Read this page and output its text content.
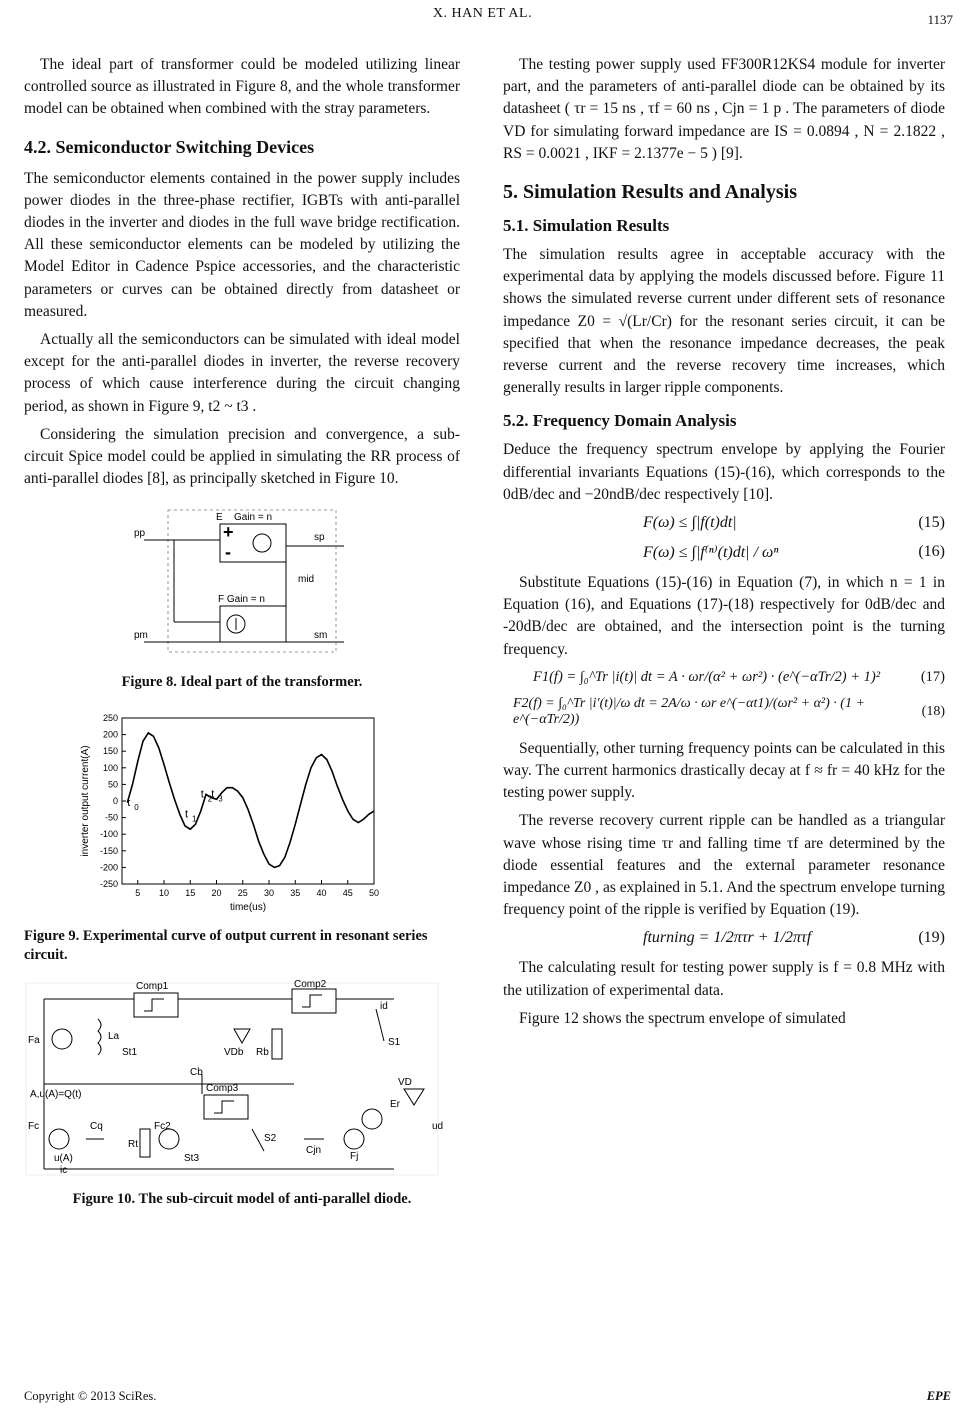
X. HAN ET AL.	1137

The ideal part of transformer could be modeled utilizing linear controlled source as illustrated in Figure 8, and the whole transformer model can be obtained when combined with the stray parameters.

4.2. Semiconductor Switching Devices

The semiconductor elements contained in the power supply includes power diodes in the three-phase rectifier, IGBTs with anti-parallel diodes in the inverter and diodes in the full wave bridge rectification. All these semiconductor elements can be modeled by utilizing the Model Editor in Cadence Pspice accessories, and the characteristic parameters or curves can be obtained directly from datasheet or measured.

Actually all the semiconductors can be simulated with ideal model except for the anti-parallel diodes in inverter, the reverse recovery process of which cause interference during the circuit changing period, as shown in Figure 9, t2 ~ t3 .

Considering the simulation precision and convergence, a sub-circuit Spice model could be applied in simulating the RR process of anti-parallel diodes [8], as principally sketched in Figure 10.

pp	sp
pm	sm
E Gain = n
F Gain = n
mid
+
-
Figure 8. Ideal part of the transformer.
250
200
150
100
50
0
-50
-100
-150
-200
-250
5 10 15 20 25 30 35 40 45 50
time(us)
inverter output current(A)	t 0
t 1
t 2 t 3
Figure 9. Experimental curve of output current in resonant series circuit.
Comp1	Comp2
Comp3
Fa	La
St1	VDb Rb
Cb
id
S1
VD
Er
ud
A,u(A)=Q(t)
Fc	Cq
Rt
Fc2
St3
S2
Cjn
Fj
u(A)
ic
Figure 10. The sub-circuit model of anti-parallel diode.

The testing power supply used FF300R12KS4 module for inverter part, and the parameters of anti-parallel diode can be obtained by its datasheet ( τr = 15 ns , τf = 60 ns , Cjn = 1 p . The parameters of diode VD for simulating forward impedance are IS = 0.0894 , N = 2.1822 , RS = 0.0021 , IKF = 2.1377e − 5 ) [9].

5. Simulation Results and Analysis
5.1. Simulation Results

The simulation results agree in acceptable accuracy with the experimental data by applying the models discussed before. Figure 11 shows the simulated reverse current under different sets of resonance impedance Z0 = √(Lr/Cr) for the resonant series circuit, it can be specified that when the resonance impedance decreases, the peak reverse current and the reverse recovery time increases, which generally results in larger ripple components.

5.2. Frequency Domain Analysis

Deduce the frequency spectrum envelope by applying the Fourier differential invariants Equations (15)-(16), which corresponds to the 0dB/dec and −20ndB/dec respectively [10].

F(ω) ≤ ∫|f(t)dt|	(15)
F(ω) ≤ ∫|f⁽ⁿ⁾(t)dt| / ωⁿ	(16)

Substitute Equations (15)-(16) in Equation (7), in which n = 1 in Equation (16), and Equations (17)-(18) respectively for 0dB/dec and -20dB/dec are obtained, and the intersection point is the turning frequency.

F1(f) = ∫₀^Tr |i(t)| dt = A · ωr/(α² + ωr²) · (e^(−αTr/2) + 1)²	(17)
F2(f) = ∫₀^Tr |i′(t)|/ω dt = 2A/ω · ωr e^(−αt1)/(ωr² + α²) · (1 + e^(−αTr/2))
(18)

Sequentially, other turning frequency points can be calculated in this way. The current harmonics drastically decay at f ≈ fr = 40 kHz for the testing power supply.

The reverse recovery current ripple can be handled as a triangular wave whose rising time τr and falling time τf are determined by the diode essential features and the external parameter resonance impedance Z0 , as explained in 5.1. And the spectrum envelope turning frequency point of the ripple is verified by Equation (19).

fturning = 1/2πτr + 1/2πτf	(19)

The calculating result for testing power supply is f = 0.8 MHz with the utilization of experimental data.

Figure 12 shows the spectrum envelope of simulated

Copyright © 2013 SciRes.	EPE
